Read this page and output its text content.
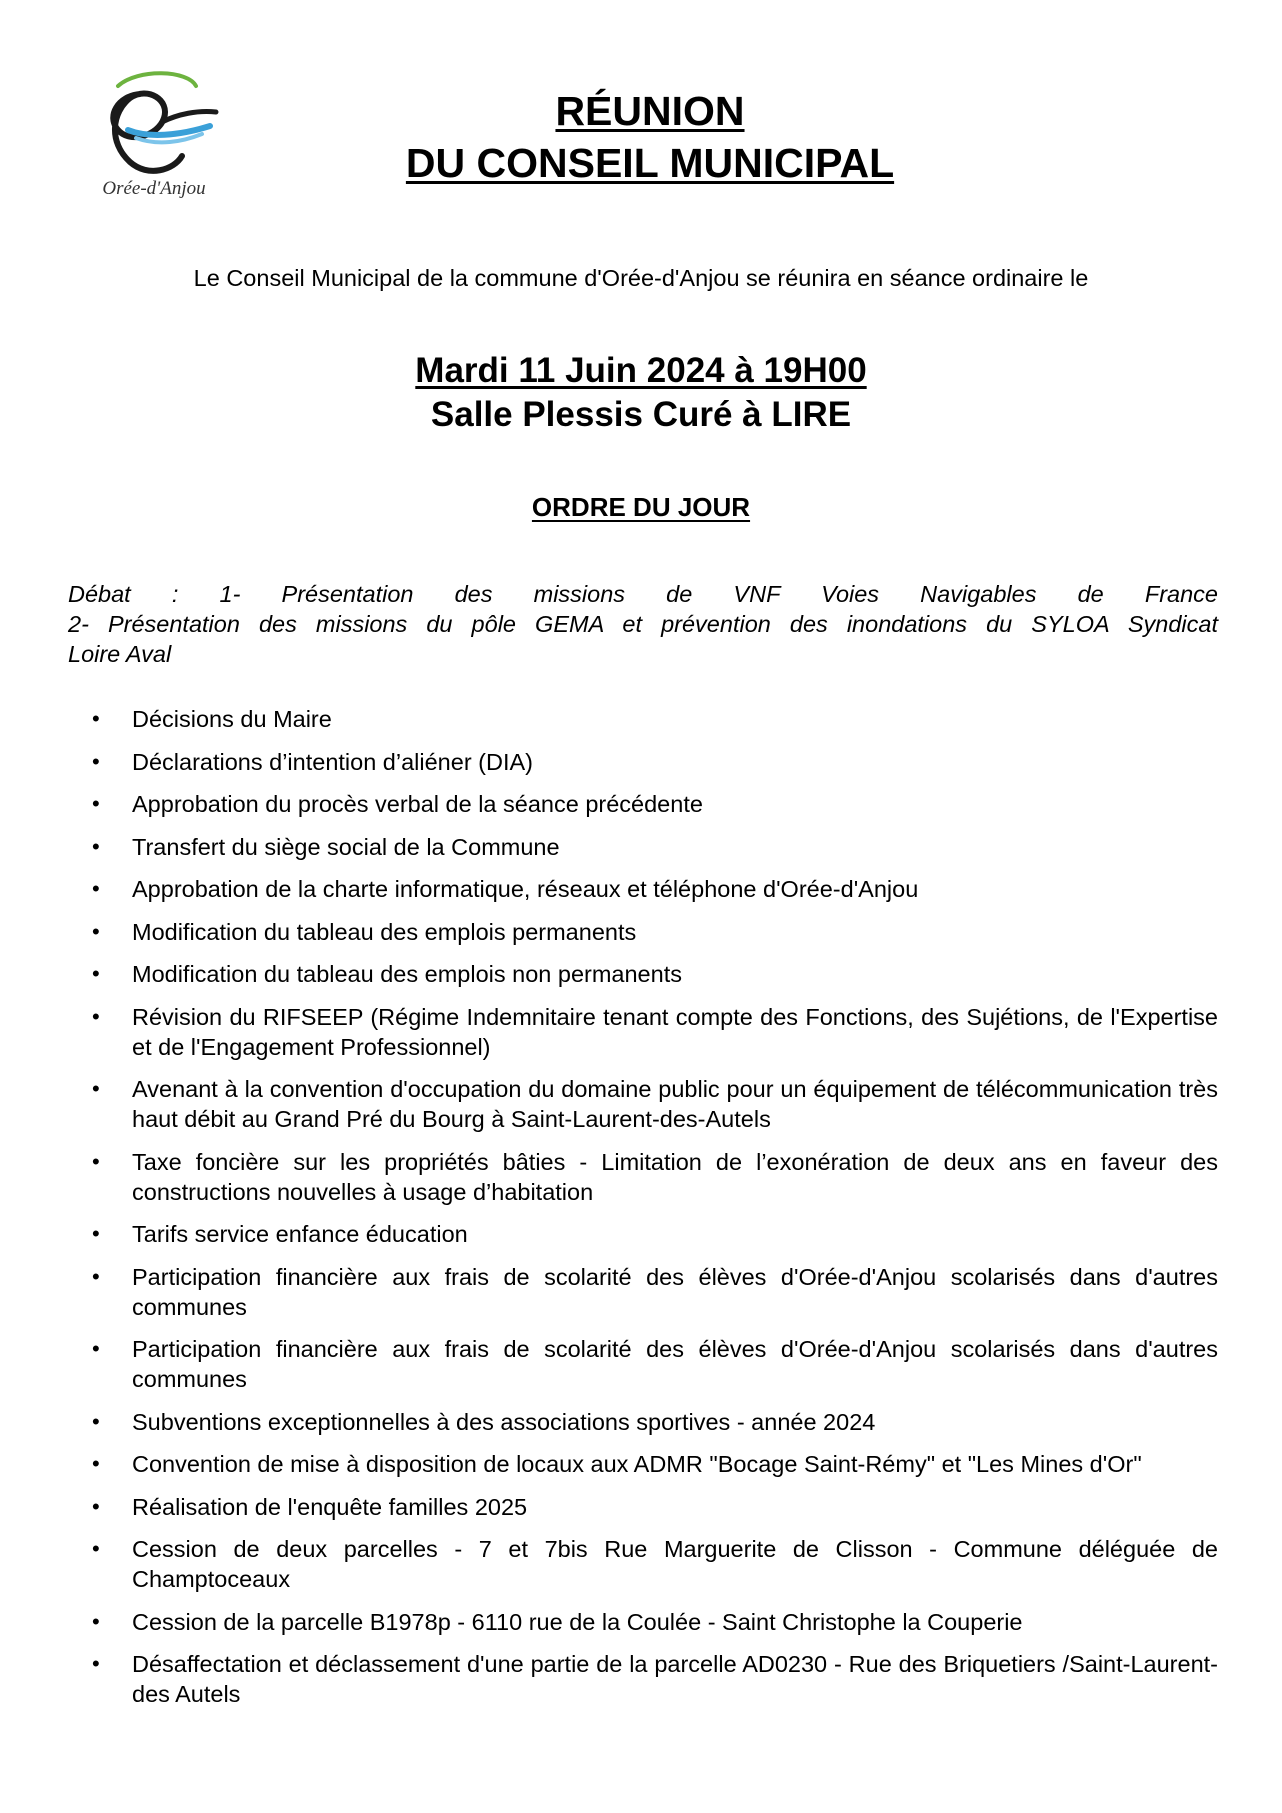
Orée-d'Anjou
RÉUNION
DU CONSEIL MUNICIPAL
Le Conseil Municipal de la commune d'Orée-d'Anjou se réunira en séance ordinaire le
Mardi 11 Juin 2024 à 19H00
Salle Plessis Curé à LIRE
ORDRE DU JOUR
Débat : 1- Présentation des missions de VNF Voies Navigables de France
2- Présentation des missions du pôle GEMA et prévention des inondations du SYLOA Syndicat
Loire Aval
• Décisions du Maire
• Déclarations d’intention d’aliéner (DIA)
• Approbation du procès verbal de la séance précédente
• Transfert du siège social de la Commune
• Approbation de la charte informatique, réseaux et téléphone d'Orée-d'Anjou
• Modification du tableau des emplois permanents
• Modification du tableau des emplois non permanents
• Révision du RIFSEEP (Régime Indemnitaire tenant compte des Fonctions, des Sujétions, de l'Expertise et de l'Engagement Professionnel)
• Avenant à la convention d'occupation du domaine public pour un équipement de télécommunication très haut débit au Grand Pré du Bourg à Saint-Laurent-des-Autels
• Taxe foncière sur les propriétés bâties - Limitation de l’exonération de deux ans en faveur des constructions nouvelles à usage d’habitation
• Tarifs service enfance éducation
• Participation financière aux frais de scolarité des élèves d'Orée-d'Anjou scolarisés dans d'autres communes
• Participation financière aux frais de scolarité des élèves d'Orée-d'Anjou scolarisés dans d'autres communes
• Subventions exceptionnelles à des associations sportives - année 2024
• Convention de mise à disposition de locaux aux ADMR "Bocage Saint-Rémy" et "Les Mines d'Or"
• Réalisation de l'enquête familles 2025
• Cession de deux parcelles - 7 et 7bis Rue Marguerite de Clisson - Commune déléguée de Champtoceaux
• Cession de la parcelle B1978p - 6110 rue de la Coulée - Saint Christophe la Couperie
• Désaffectation et déclassement d'une partie de la parcelle AD0230 - Rue des Briquetiers /Saint-Laurent-des Autels
